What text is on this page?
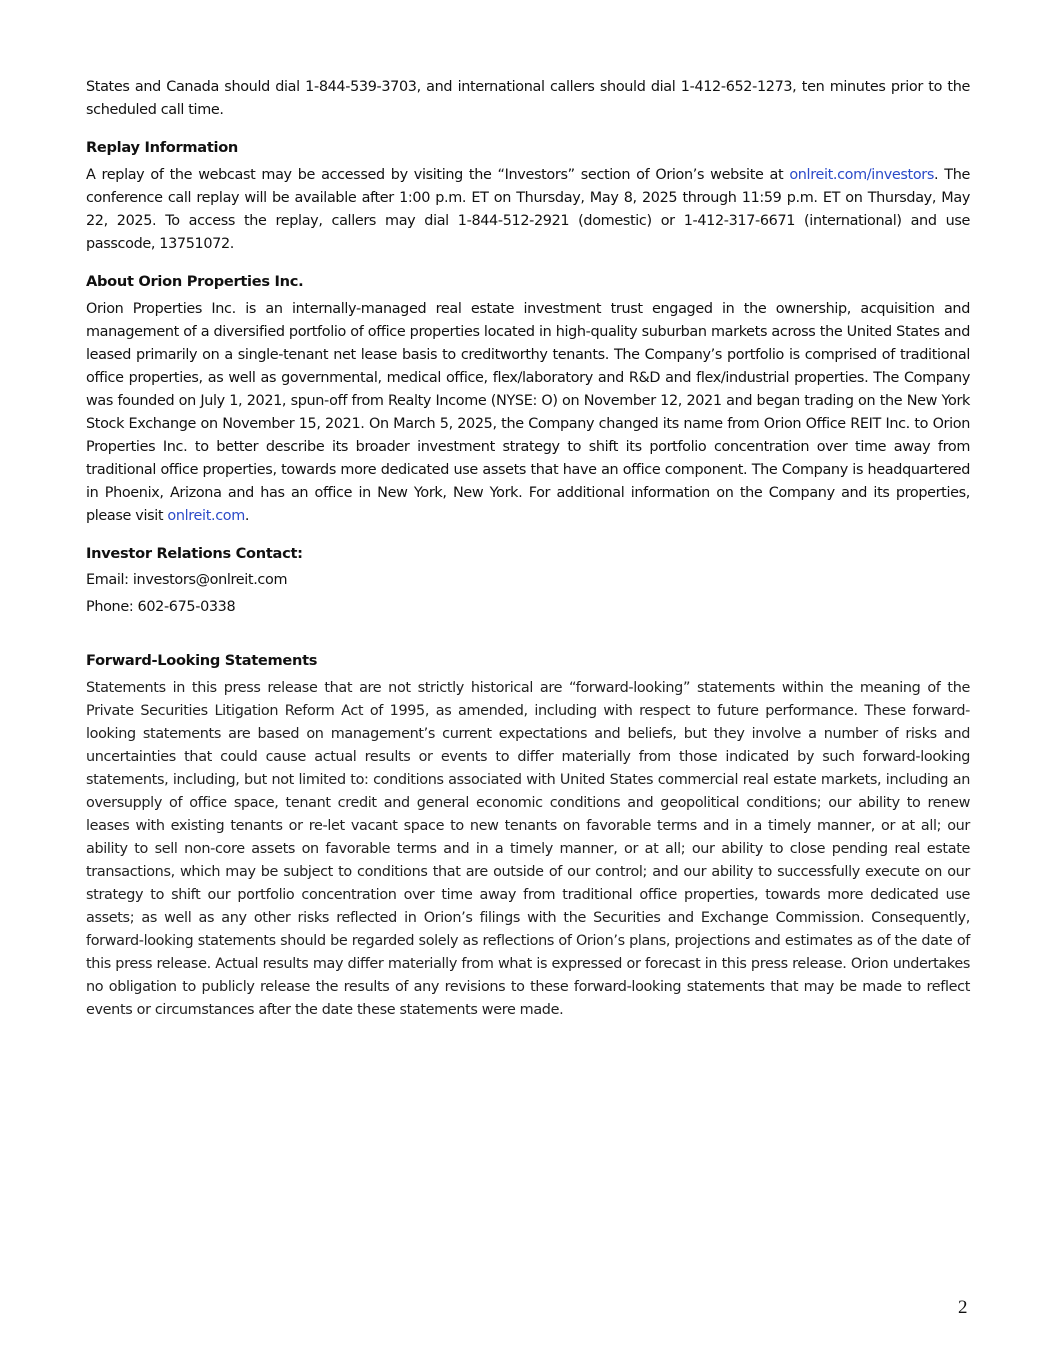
States and Canada should dial 1-844-539-3703, and international callers should dial 1-412-652-1273, ten minutes prior to the scheduled call time.

Replay Information

A replay of the webcast may be accessed by visiting the “Investors” section of Orion’s website at onlreit.com/investors. The conference call replay will be available after 1:00 p.m. ET on Thursday, May 8, 2025 through 11:59 p.m. ET on Thursday, May 22, 2025. To access the replay, callers may dial 1-844-512-2921 (domestic) or 1-412-317-6671 (international) and use passcode, 13751072.

About Orion Properties Inc.

Orion Properties Inc. is an internally-managed real estate investment trust engaged in the ownership, acquisition and management of a diversified portfolio of office properties located in high-quality suburban markets across the United States and leased primarily on a single-tenant net lease basis to creditworthy tenants. The Company’s portfolio is comprised of traditional office properties, as well as governmental, medical office, flex/laboratory and R&D and flex/industrial properties. The Company was founded on July 1, 2021, spun-off from Realty Income (NYSE: O) on November 12, 2021 and began trading on the New York Stock Exchange on November 15, 2021. On March 5, 2025, the Company changed its name from Orion Office REIT Inc. to Orion Properties Inc. to better describe its broader investment strategy to shift its portfolio concentration over time away from traditional office properties, towards more dedicated use assets that have an office component. The Company is headquartered in Phoenix, Arizona and has an office in New York, New York. For additional information on the Company and its properties, please visit onlreit.com.

Investor Relations Contact:
Email: investors@onlreit.com
Phone: 602-675-0338
Forward-Looking Statements

Statements in this press release that are not strictly historical are “forward-looking” statements within the meaning of the Private Securities Litigation Reform Act of 1995, as amended, including with respect to future performance. These forward-looking statements are based on management’s current expectations and beliefs, but they involve a number of risks and uncertainties that could cause actual results or events to differ materially from those indicated by such forward-looking statements, including, but not limited to: conditions associated with United States commercial real estate markets, including an oversupply of office space, tenant credit and general economic conditions and geopolitical conditions; our ability to renew leases with existing tenants or re-let vacant space to new tenants on favorable terms and in a timely manner, or at all; our ability to sell non-core assets on favorable terms and in a timely manner, or at all; our ability to close pending real estate transactions, which may be subject to conditions that are outside of our control; and our ability to successfully execute on our strategy to shift our portfolio concentration over time away from traditional office properties, towards more dedicated use assets; as well as any other risks reflected in Orion’s filings with the Securities and Exchange Commission. Consequently, forward-looking statements should be regarded solely as reflections of Orion’s plans, projections and estimates as of the date of this press release. Actual results may differ materially from what is expressed or forecast in this press release. Orion undertakes no obligation to publicly release the results of any revisions to these forward-looking statements that may be made to reflect events or circumstances after the date these statements were made.

2
